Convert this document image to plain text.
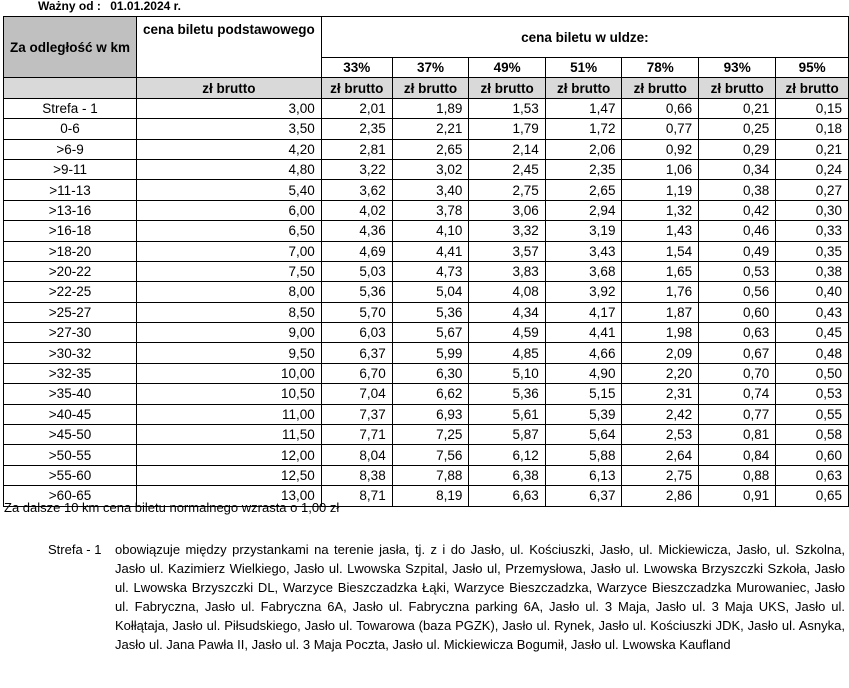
Ważny od : 01.01.2024 r.
Za odległość w km	cena biletu podstawowego	cena biletu w uldze:						
		33%	37%	49%	51%	78%	93%	95%
	zł brutto	zł brutto	zł brutto	zł brutto	zł brutto	zł brutto	zł brutto	zł brutto
Strefa - 1	3,00	2,01	1,89	1,53	1,47	0,66	0,21	0,15
0-6	3,50	2,35	2,21	1,79	1,72	0,77	0,25	0,18
>6-9	4,20	2,81	2,65	2,14	2,06	0,92	0,29	0,21
>9-11	4,80	3,22	3,02	2,45	2,35	1,06	0,34	0,24
>11-13	5,40	3,62	3,40	2,75	2,65	1,19	0,38	0,27
>13-16	6,00	4,02	3,78	3,06	2,94	1,32	0,42	0,30
>16-18	6,50	4,36	4,10	3,32	3,19	1,43	0,46	0,33
>18-20	7,00	4,69	4,41	3,57	3,43	1,54	0,49	0,35
>20-22	7,50	5,03	4,73	3,83	3,68	1,65	0,53	0,38
>22-25	8,00	5,36	5,04	4,08	3,92	1,76	0,56	0,40
>25-27	8,50	5,70	5,36	4,34	4,17	1,87	0,60	0,43
>27-30	9,00	6,03	5,67	4,59	4,41	1,98	0,63	0,45
>30-32	9,50	6,37	5,99	4,85	4,66	2,09	0,67	0,48
>32-35	10,00	6,70	6,30	5,10	4,90	2,20	0,70	0,50
>35-40	10,50	7,04	6,62	5,36	5,15	2,31	0,74	0,53
>40-45	11,00	7,37	6,93	5,61	5,39	2,42	0,77	0,55
>45-50	11,50	7,71	7,25	5,87	5,64	2,53	0,81	0,58
>50-55	12,00	8,04	7,56	6,12	5,88	2,64	0,84	0,60
>55-60	12,50	8,38	7,88	6,38	6,13	2,75	0,88	0,63
>60-65	13,00	8,71	8,19	6,63	6,37	2,86	0,91	0,65
Za dalsze 10 km cena biletu normalnego wzrasta o 1,00 zł
Strefa - 1 obowiązuje między przystankami na terenie jasła, tj. z i do Jasło, ul. Kościuszki, Jasło, ul. Mickiewicza, Jasło, ul. Szkolna, Jasło ul. Kazimierz Wielkiego, Jasło ul. Lwowska Szpital, Jasło ul, Przemysłowa, Jasło ul. Lwowska Brzyszczki Szkoła, Jasło ul. Lwowska Brzyszczki DL, Warzyce Bieszczadzka Łąki, Warzyce Bieszczadzka, Warzyce Bieszczadzka Murowaniec, Jasło ul. Fabryczna, Jasło ul. Fabryczna 6A, Jasło ul. Fabryczna parking 6A, Jasło ul. 3 Maja, Jasło ul. 3 Maja UKS, Jasło ul. Kołłątaja, Jasło ul. Piłsudskiego, Jasło ul. Towarowa (baza PGZK), Jasło ul. Rynek, Jasło ul. Kościuszki JDK, Jasło ul. Asnyka, Jasło ul. Jana Pawła II, Jasło ul. 3 Maja Poczta, Jasło ul. Mickiewicza Bogumił, Jasło ul. Lwowska Kaufland
